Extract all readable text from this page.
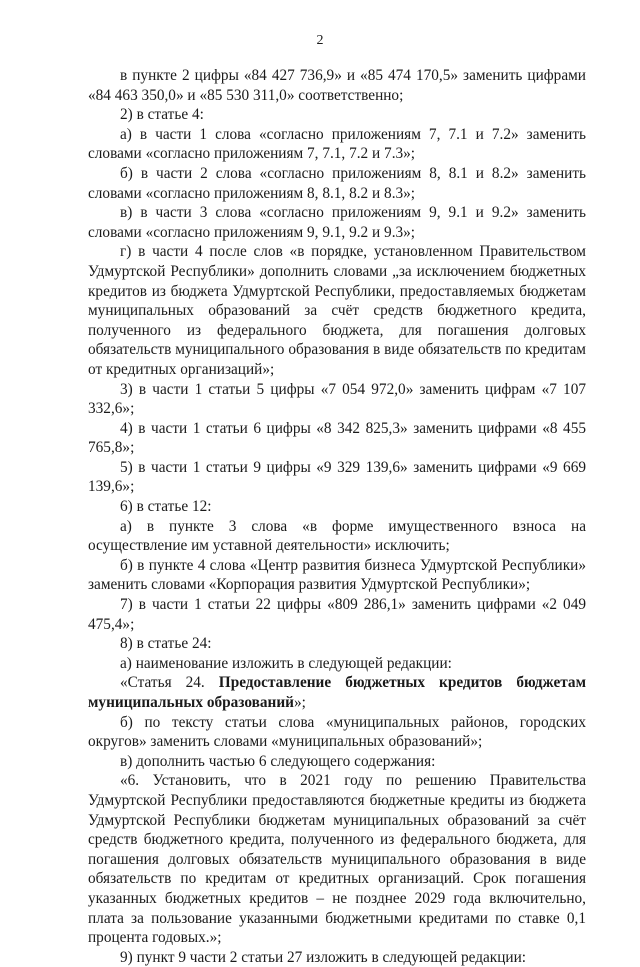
2

в пункте 2 цифры «84 427 736,9» и «85 474 170,5» заменить цифрами «84 463 350,0» и «85 530 311,0» соответственно;

2) в статье 4:

а) в части 1 слова «согласно приложениям 7, 7.1 и 7.2» заменить словами «согласно приложениям 7, 7.1, 7.2 и 7.3»;

б) в части 2 слова «согласно приложениям 8, 8.1 и 8.2» заменить словами «согласно приложениям 8, 8.1, 8.2 и 8.3»;

в) в части 3 слова «согласно приложениям 9, 9.1 и 9.2» заменить словами «согласно приложениям 9, 9.1, 9.2 и 9.3»;

г) в части 4 после слов «в порядке, установленном Правительством Удмуртской Республики» дополнить словами „за исключением бюджетных кредитов из бюджета Удмуртской Республики, предоставляемых бюджетам муниципальных образований за счёт средств бюджетного кредита, полученного из федерального бюджета, для погашения долговых обязательств муниципального образования в виде обязательств по кредитам от кредитных организаций»;

3) в части 1 статьи 5 цифры «7 054 972,0» заменить цифрам «7 107 332,6»;

4) в части 1 статьи 6 цифры «8 342 825,3» заменить цифрами «8 455 765,8»;

5) в части 1 статьи 9 цифры «9 329 139,6» заменить цифрами «9 669 139,6»;

6) в статье 12:

а) в пункте 3 слова «в форме имущественного взноса на осуществление им уставной деятельности» исключить;

б) в пункте 4 слова «Центр развития бизнеса Удмуртской Республики» заменить словами «Корпорация развития Удмуртской Республики»;

7) в части 1 статьи 22 цифры «809 286,1» заменить цифрами «2 049 475,4»;

8) в статье 24:

а) наименование изложить в следующей редакции:

«Статья 24. Предоставление бюджетных кредитов бюджетам муниципальных образований»;

б) по тексту статьи слова «муниципальных районов, городских округов» заменить словами «муниципальных образований»;

в) дополнить частью 6 следующего содержания:

«6. Установить, что в 2021 году по решению Правительства Удмуртской Республики предоставляются бюджетные кредиты из бюджета Удмуртской Республики бюджетам муниципальных образований за счёт средств бюджетного кредита, полученного из федерального бюджета, для погашения долговых обязательств муниципального образования в виде обязательств по кредитам от кредитных организаций. Срок погашения указанных бюджетных кредитов – не позднее 2029 года включительно, плата за пользование указанными бюджетными кредитами по ставке 0,1 процента годовых.»;

9) пункт 9 части 2 статьи 27 изложить в следующей редакции:
